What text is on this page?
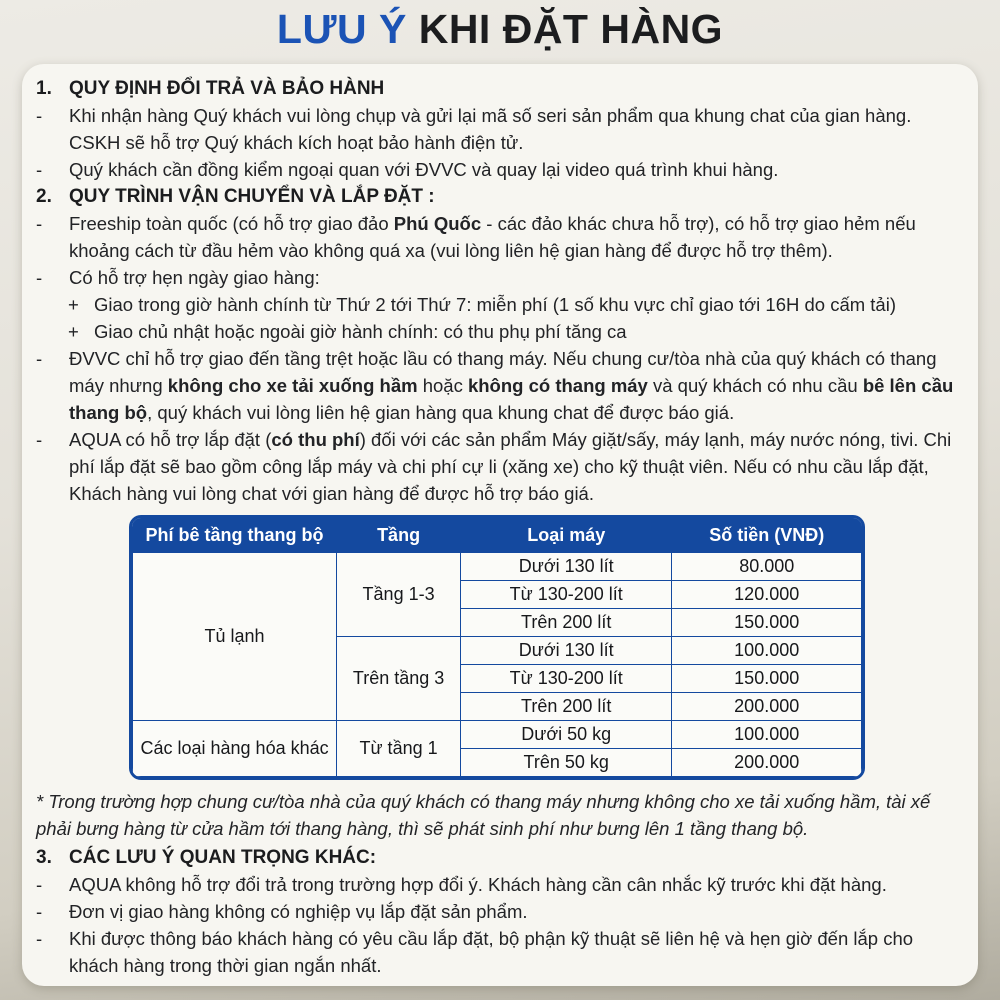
LƯU Ý KHI ĐẶT HÀNG
1. QUY ĐỊNH ĐỔI TRẢ VÀ BẢO HÀNH
-	Khi nhận hàng Quý khách vui lòng chụp và gửi lại mã số seri sản phẩm qua khung chat của gian hàng. CSKH sẽ hỗ trợ Quý khách kích hoạt bảo hành điện tử.
-	Quý khách cần đồng kiểm ngoại quan với ĐVVC và quay lại video quá trình khui hàng.
2. QUY TRÌNH VẬN CHUYỂN VÀ LẮP ĐẶT :
-	Freeship toàn quốc (có hỗ trợ giao đảo Phú Quốc - các đảo khác chưa hỗ trợ), có hỗ trợ giao hẻm nếu khoảng cách từ đầu hẻm vào không quá xa (vui lòng liên hệ gian hàng để được hỗ trợ thêm).
-	Có hỗ trợ hẹn ngày giao hàng:
+ Giao trong giờ hành chính từ Thứ 2 tới Thứ 7: miễn phí (1 số khu vực chỉ giao tới 16H do cấm tải)
+ Giao chủ nhật hoặc ngoài giờ hành chính: có thu phụ phí tăng ca
-	ĐVVC chỉ hỗ trợ giao đến tầng trệt hoặc lầu có thang máy. Nếu chung cư/tòa nhà của quý khách có thang máy nhưng không cho xe tải xuống hầm hoặc không có thang máy và quý khách có nhu cầu bê lên cầu thang bộ, quý khách vui lòng liên hệ gian hàng qua khung chat để được báo giá.
-	AQUA có hỗ trợ lắp đặt (có thu phí) đối với các sản phẩm Máy giặt/sấy, máy lạnh, máy nước nóng, tivi. Chi phí lắp đặt sẽ bao gồm công lắp máy và chi phí cự li (xăng xe) cho kỹ thuật viên. Nếu có nhu cầu lắp đặt, Khách hàng vui lòng chat với gian hàng để được hỗ trợ báo giá.
Phí bê tầng thang bộ	Tầng	Loại máy	Số tiền (VNĐ)
Tủ lạnh	Tầng 1-3	Dưới 130 lít	80.000
		Từ 130-200 lít	120.000
		Trên 200 lít	150.000
	Trên tầng 3	Dưới 130 lít	100.000
		Từ 130-200 lít	150.000
		Trên 200 lít	200.000
Các loại hàng hóa khác	Từ tầng 1	Dưới 50 kg	100.000
		Trên 50 kg	200.000

* Trong trường hợp chung cư/tòa nhà của quý khách có thang máy nhưng không cho xe tải xuống hầm, tài xế phải bưng hàng từ cửa hầm tới thang hàng, thì sẽ phát sinh phí như bưng lên 1 tầng thang bộ.

3. CÁC LƯU Ý QUAN TRỌNG KHÁC:
-	AQUA không hỗ trợ đổi trả trong trường hợp đổi ý. Khách hàng cần cân nhắc kỹ trước khi đặt hàng.
-	Đơn vị giao hàng không có nghiệp vụ lắp đặt sản phẩm.
-	Khi được thông báo khách hàng có yêu cầu lắp đặt, bộ phận kỹ thuật sẽ liên hệ và hẹn giờ đến lắp cho khách hàng trong thời gian ngắn nhất.
